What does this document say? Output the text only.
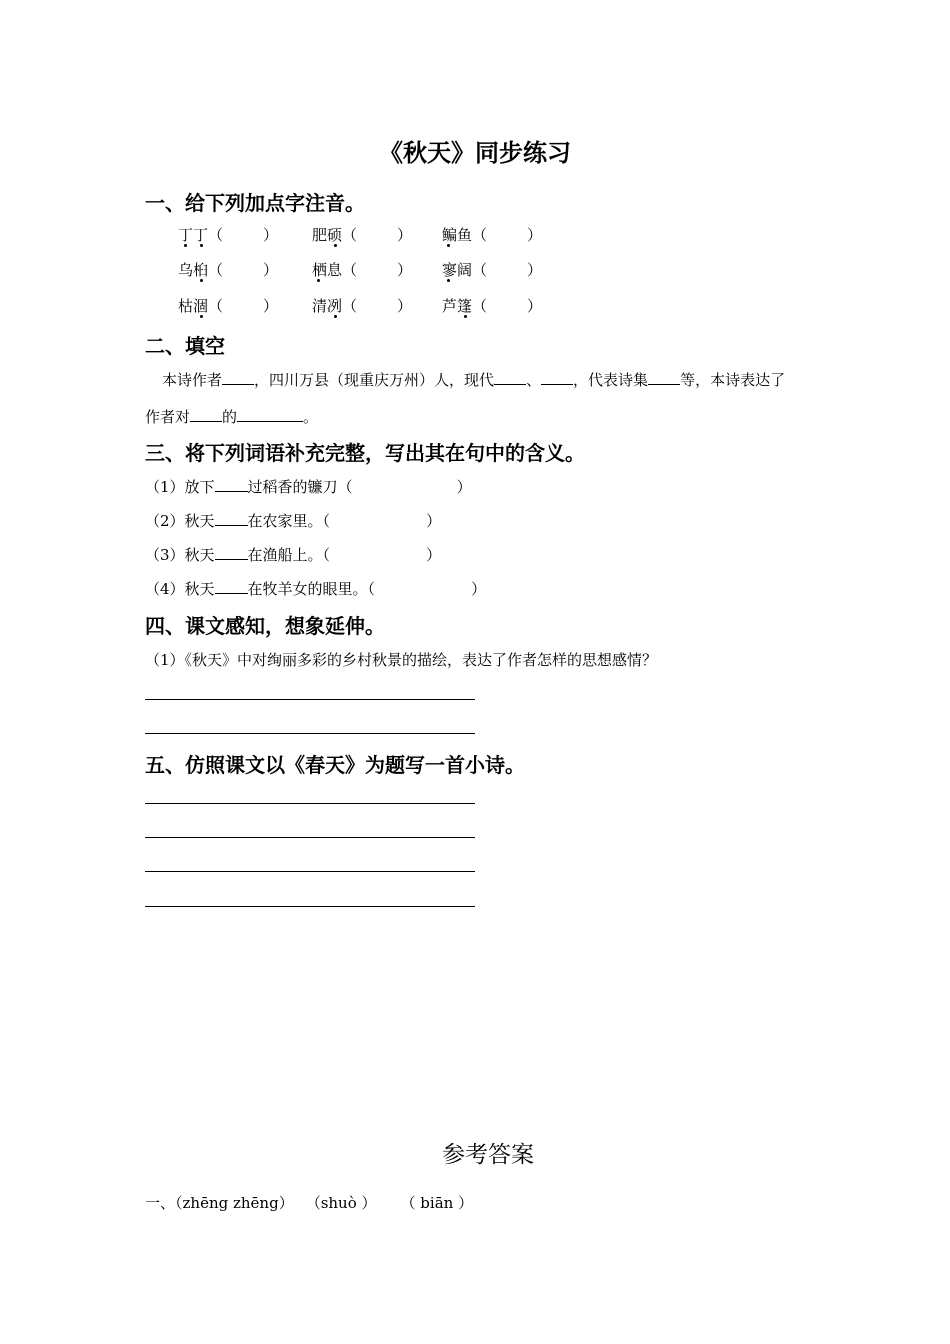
《秋天》同步练习
一、给下列加点字注音。
丁丁（	） 肥硕（	） 鳊鱼（	）
乌桕（	） 栖息（	） 寥阔（	）
枯涸（	） 清冽（	） 芦篷（	）
二、填空
本诗作者 ，四川万县（现重庆万州）人，现代 、 ，代表诗集 等，本诗表达了
作者对 的	。
三、将下列词语补充完整，写出其在句中的含义。
（1）放下 过稻香的镰刀（	）
（2）秋天 在农家里。（	）
（3）秋天 在渔船上。（	）
（4）秋天 在牧羊女的眼里。（	）
四、课文感知，想象延伸。
（1）《秋天》中对绚丽多彩的乡村秋景的描绘，表达了作者怎样的思想感情？
五、仿照课文以《春天》为题写一首小诗。
参考答案
一、（zhēng zhēng） （shuò ） （ biān ）
